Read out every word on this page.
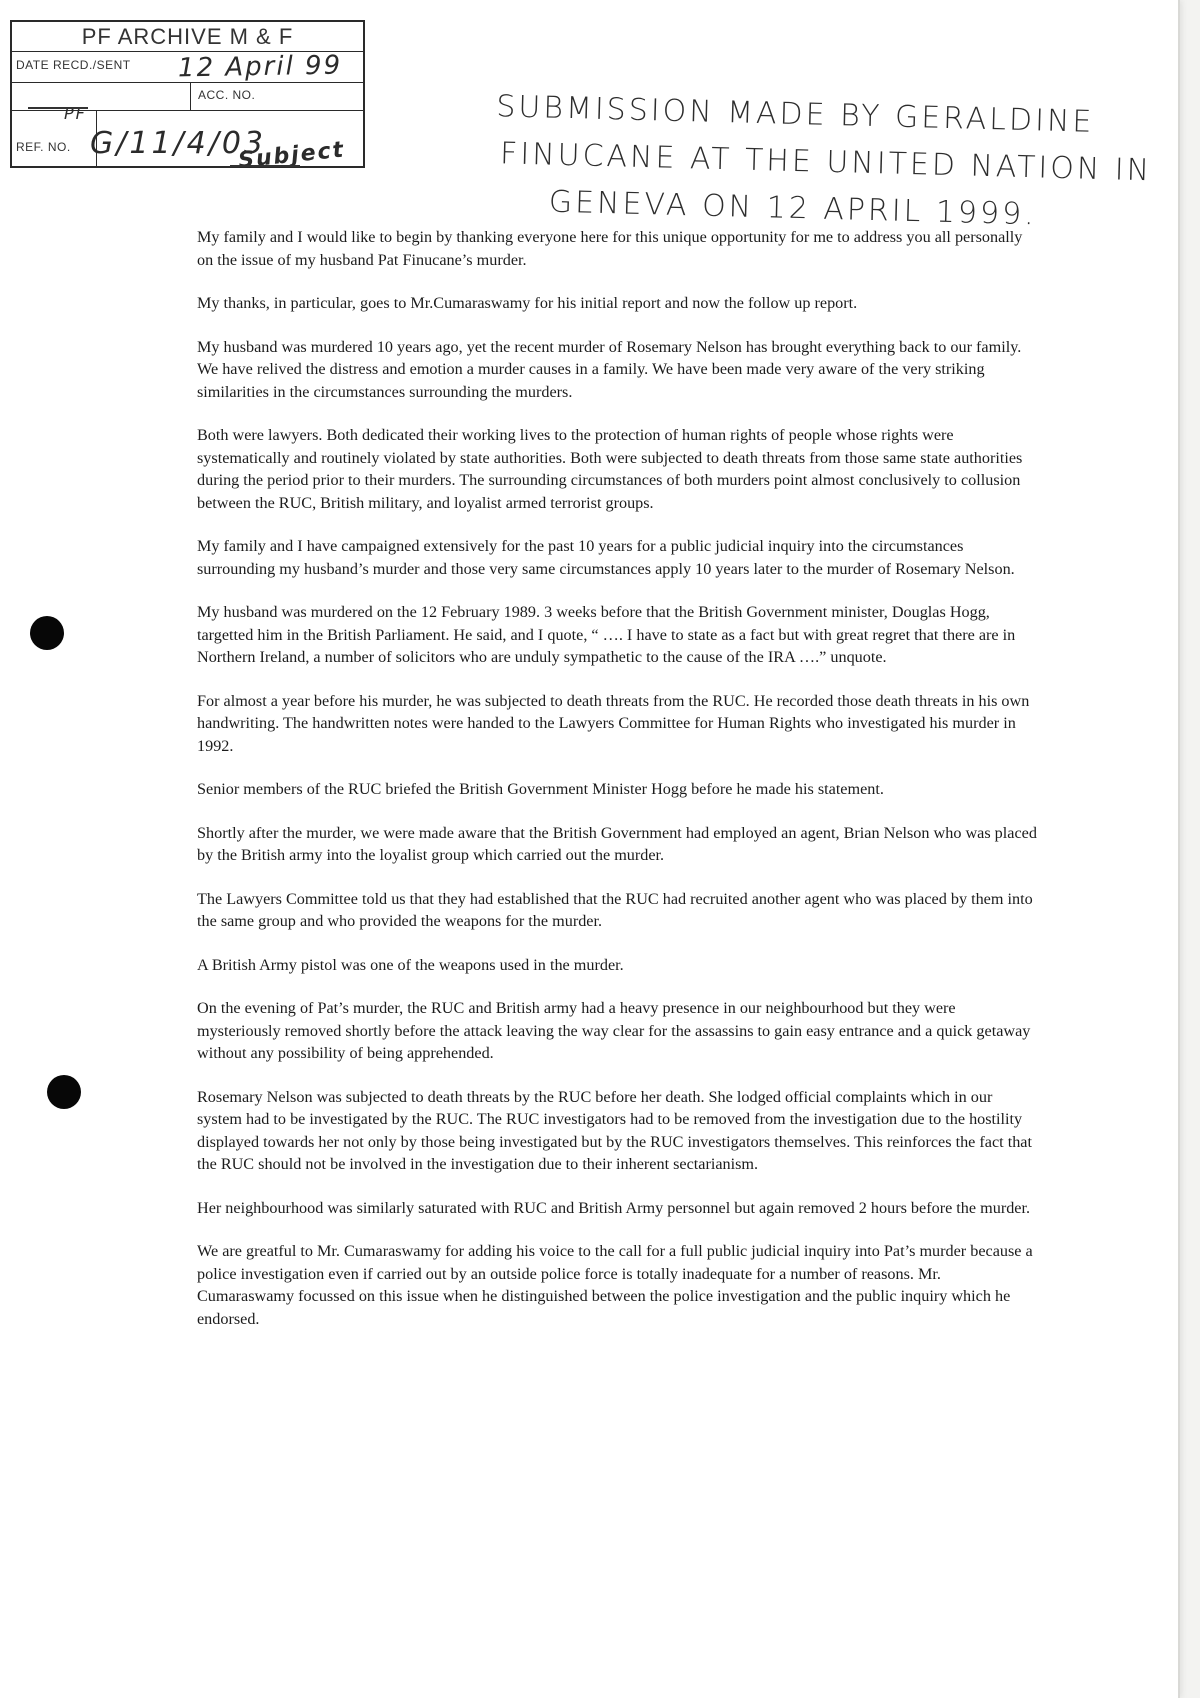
PF ARCHIVE M & F
DATE RECD./SENT
ACC. NO.
REF. NO.
12 April 99
PF
G/11/4/03
Subject
SUBMISSION MADE BY GERALDINE
FINUCANE AT THE UNITED NATION IN
GENEVA ON 12 APRIL 1999.

My family and I would like to begin by thanking everyone here for this unique opportunity for me to address you all personally on the issue of my husband Pat Finucane’s murder.

My thanks, in particular, goes to Mr.Cumaraswamy for his initial report and now the follow up report.

My husband was murdered 10 years ago, yet the recent murder of Rosemary Nelson has brought everything back to our family. We have relived the distress and emotion a murder causes in a family. We have been made very aware of the very striking similarities in the circumstances surrounding the murders.

Both were lawyers. Both dedicated their working lives to the protection of human rights of people whose rights were systematically and routinely violated by state authorities. Both were subjected to death threats from those same state authorities during the period prior to their murders. The surrounding circumstances of both murders point almost conclusively to collusion between the RUC, British military, and loyalist armed terrorist groups.

My family and I have campaigned extensively for the past 10 years for a public judicial inquiry into the circumstances surrounding my husband’s murder and those very same circumstances apply 10 years later to the murder of Rosemary Nelson.

My husband was murdered on the 12 February 1989. 3 weeks before that the British Government minister, Douglas Hogg, targetted him in the British Parliament. He said, and I quote, “ …. I have to state as a fact but with great regret that there are in Northern Ireland, a number of solicitors who are unduly sympathetic to the cause of the IRA ….” unquote.

For almost a year before his murder, he was subjected to death threats from the RUC. He recorded those death threats in his own handwriting. The handwritten notes were handed to the Lawyers Committee for Human Rights who investigated his murder in 1992.

Senior members of the RUC briefed the British Government Minister Hogg before he made his statement.

Shortly after the murder, we were made aware that the British Government had employed an agent, Brian Nelson who was placed by the British army into the loyalist group which carried out the murder.

The Lawyers Committee told us that they had established that the RUC had recruited another agent who was placed by them into the same group and who provided the weapons for the murder.

A British Army pistol was one of the weapons used in the murder.

On the evening of Pat’s murder, the RUC and British army had a heavy presence in our neighbourhood but they were mysteriously removed shortly before the attack leaving the way clear for the assassins to gain easy entrance and a quick getaway without any possibility of being apprehended.

Rosemary Nelson was subjected to death threats by the RUC before her death. She lodged official complaints which in our system had to be investigated by the RUC. The RUC investigators had to be removed from the investigation due to the hostility displayed towards her not only by those being investigated but by the RUC investigators themselves. This reinforces the fact that the RUC should not be involved in the investigation due to their inherent sectarianism.

Her neighbourhood was similarly saturated with RUC and British Army personnel but again removed 2 hours before the murder.

We are greatful to Mr. Cumaraswamy for adding his voice to the call for a full public judicial inquiry into Pat’s murder because a police investigation even if carried out by an outside police force is totally inadequate for a number of reasons. Mr. Cumaraswamy focussed on this issue when he distinguished between the police investigation and the public inquiry which he endorsed.
